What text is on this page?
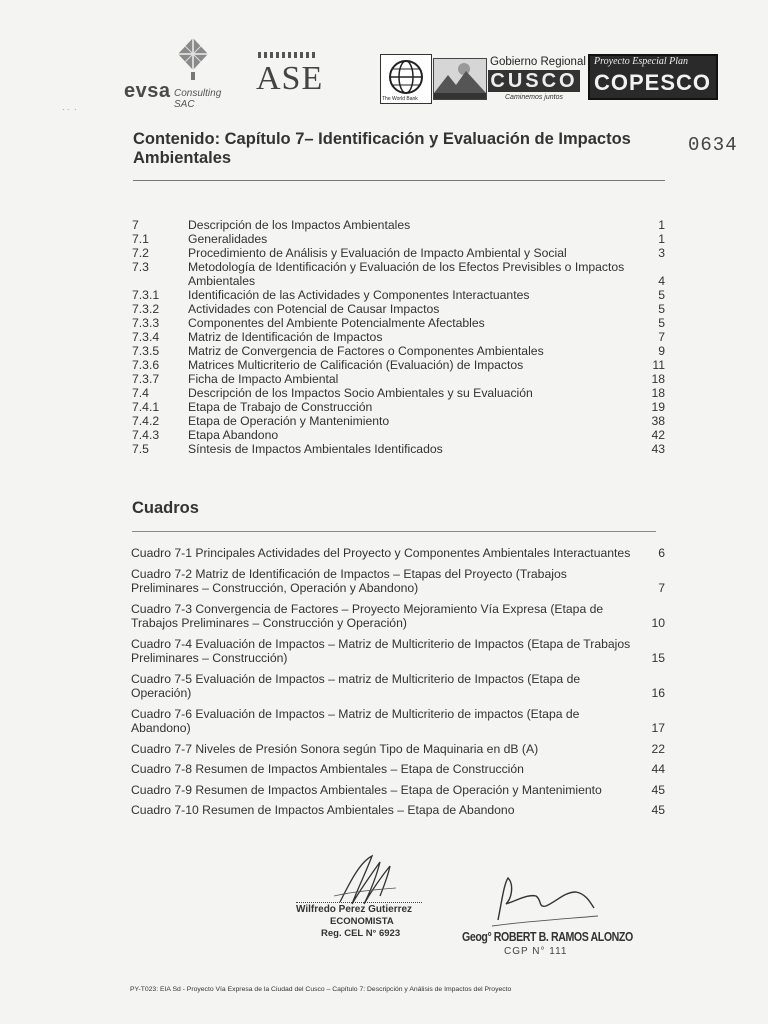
evsa Consulting SAC
ASE
The World Bank
Gobierno Regional
CUSCO
Caminemos juntos
Proyecto Especial Plan
COPESCO
· ·  ·
Contenido: Capítulo 7– Identificación y Evaluación de Impactos Ambientales
0634
7	Descripción de los Impactos Ambientales	1
7.1	Generalidades	1
7.2	Procedimiento de Análisis y Evaluación de Impacto Ambiental y Social	3
7.3	Metodología de Identificación y Evaluación de los Efectos Previsibles o Impactos Ambientales	4
7.3.1	Identificación de las Actividades y Componentes Interactuantes	5
7.3.2	Actividades con Potencial de Causar Impactos	5
7.3.3	Componentes del Ambiente Potencialmente Afectables	5
7.3.4	Matriz de Identificación de Impactos	7
7.3.5	Matriz de Convergencia de Factores o Componentes Ambientales	9
7.3.6	Matrices Multicriterio de Calificación (Evaluación) de Impactos	11
7.3.7	Ficha de Impacto Ambiental	18
7.4	Descripción de los Impactos Socio Ambientales y su Evaluación	18
7.4.1	Etapa de Trabajo de Construcción	19
7.4.2	Etapa de Operación y Mantenimiento	38
7.4.3	Etapa Abandono	42
7.5	Síntesis de Impactos Ambientales Identificados	43
Cuadros
Cuadro 7-1 Principales Actividades del Proyecto y Componentes Ambientales Interactuantes	6
Cuadro 7-2 Matriz de Identificación de Impactos – Etapas del Proyecto (Trabajos Preliminares – Construcción, Operación y Abandono)	7
Cuadro 7-3 Convergencia de Factores – Proyecto Mejoramiento Vía Expresa (Etapa de Trabajos Preliminares – Construcción y Operación)	10
Cuadro 7-4 Evaluación de Impactos – Matriz de Multicriterio de Impactos (Etapa de Trabajos Preliminares – Construcción)	15
Cuadro 7-5 Evaluación de Impactos – matriz de Multicriterio de Impactos (Etapa de Operación)	16
Cuadro 7-6 Evaluación de Impactos – Matriz de Multicriterio de impactos (Etapa de Abandono)	17
Cuadro 7-7 Niveles de Presión Sonora según Tipo de Maquinaria en dB (A)	22
Cuadro 7-8 Resumen de Impactos Ambientales – Etapa de Construcción	44
Cuadro 7-9 Resumen de Impactos Ambientales – Etapa de Operación y Mantenimiento	45
Cuadro 7-10 Resumen de Impactos Ambientales – Etapa de Abandono	45
Wilfredo Perez Gutierrez
ECONOMISTA
Reg. CEL N° 6923	Geog° ROBERT B. RAMOS ALONZO
CGP N° 111
PY-T023: EIA Sd - Proyecto Vía Expresa de la Ciudad del Cusco – Capítulo 7: Descripción y Análisis de Impactos del Proyecto
